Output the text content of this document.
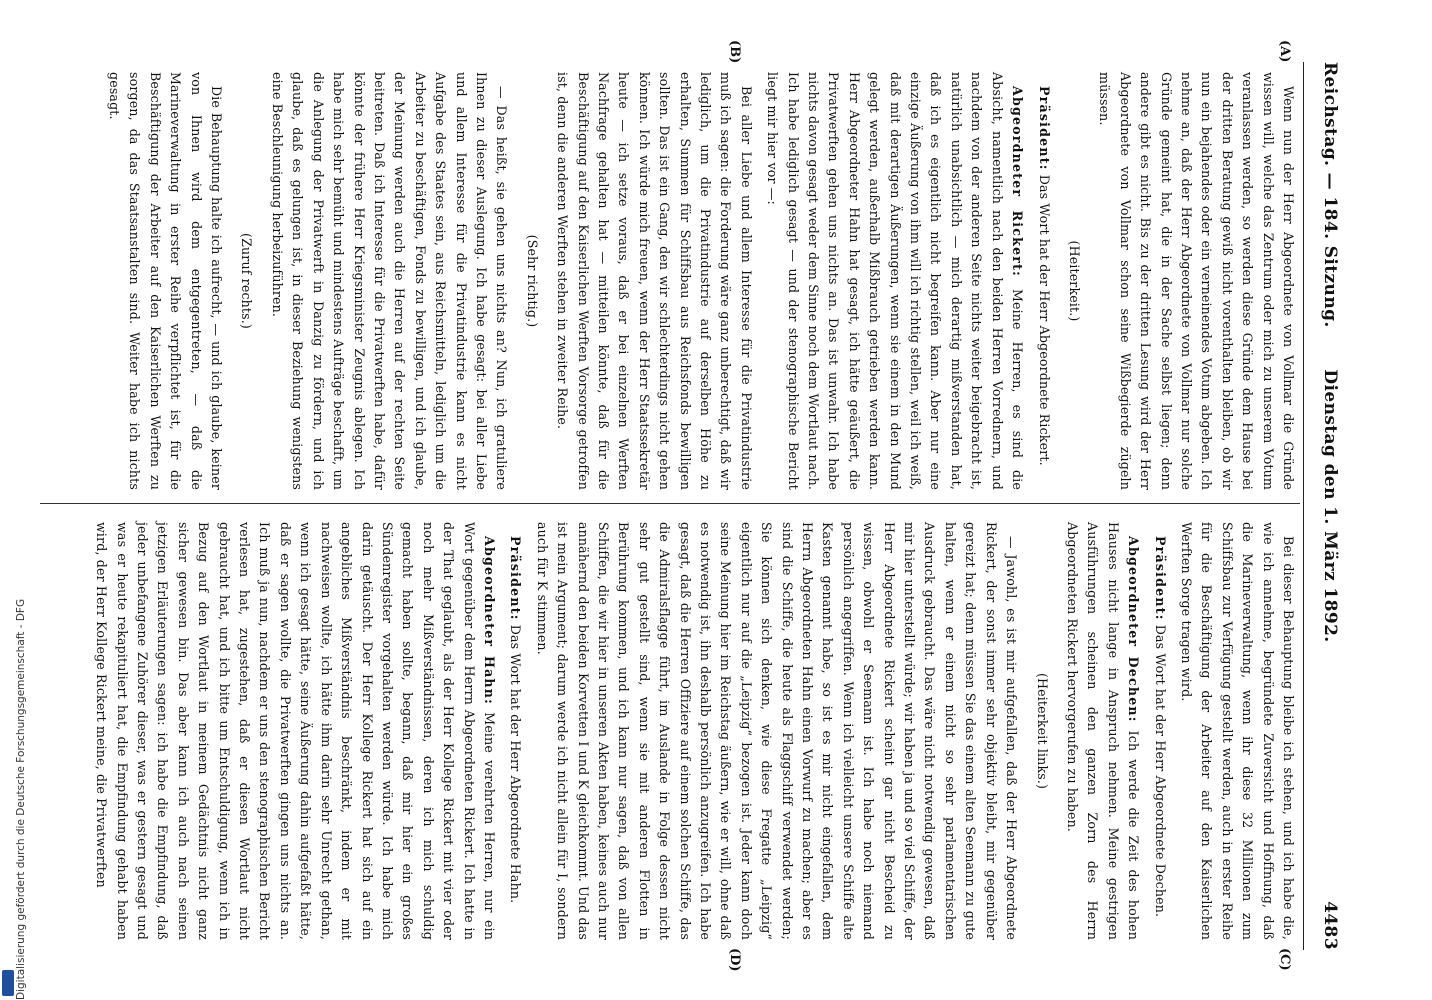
Reichstag. — 184. Sitzung.
Dienstag den 1. März 1892.
4483
(A)
(B)
(C)
(D)

Wenn nun der Herr Abgeordnete von Vollmar die Gründe wissen will, welche das Zentrum oder mich zu unserem Votum veranlassen werden, so werden diese Gründe dem Hause bei der dritten Beratung gewiß nicht vorenthalten bleiben, ob wir nun ein bejahendes oder ein verneinendes Votum abgeben. Ich nehme an, daß der Herr Abgeordnete von Vollmar nur solche Gründe gemeint hat, die in der Sache selbst liegen; denn andere gibt es nicht. Bis zu der dritten Lesung wird der Herr Abgeordnete von Vollmar schon seine Wißbegierde zügeln müssen.

(Heiterkeit.)

Präsident: Das Wort hat der Herr Abgeordnete Rickert.

Abgeordneter Rickert: Meine Herren, es sind die Absicht, namentlich nach den beiden Herren Vorrednern, und nachdem von der anderen Seite nichts weiter beigebracht ist, natürlich unabsichtlich — mich derartig mißverstanden hat, daß ich es eigentlich nicht begreifen kann. Aber nur eine einzige Äußerung von ihm will ich richtig stellen, weil ich weiß, daß mit derartigen Äußerungen, wenn sie einem in den Mund gelegt werden, außerhalb Mißbrauch getrieben werden kann. Herr Abgeordneter Hahn hat gesagt, ich hätte geäußert, die Privatwerften gehen uns nichts an. Das ist unwahr. Ich habe nichts davon gesagt weder dem Sinne noch dem Wortlaut nach. Ich habe lediglich gesagt — und der stenographische Bericht liegt mir hier vor —:

Bei aller Liebe und allem Interesse für die Privatindustrie muß ich sagen: die Forderung wäre ganz unberechtigt, daß wir lediglich, um die Privatindustrie auf derselben Höhe zu erhalten, Summen für Schiffsbau aus Reichsfonds bewilligen sollten. Das ist ein Gang, den wir schlechterdings nicht gehen können. Ich würde mich freuen, wenn der Herr Staatssekretär heute — ich setze voraus, daß er bei einzelnen Werften Nachfrage gehalten hat — mitteilen könnte, daß für die Beschäftigung auf den Kaiserlichen Werften Vorsorge getroffen ist, denn die anderen Werften stehen in zweiter Reihe.

(Sehr richtig.)

— Das heißt, sie gehen uns nichts an? Nun, ich gratuliere Ihnen zu dieser Auslegung. Ich habe gesagt: bei aller Liebe und allem Interesse für die Privatindustrie kann es nicht Aufgabe des Staates sein, aus Reichsmitteln, lediglich um die Arbeiter zu beschäftigen, Fonds zu bewilligen, und ich glaube, der Meinung werden auch die Herren auf der rechten Seite beitreten. Daß ich Interesse für die Privatwerften habe, dafür könnte der frühere Herr Kriegsminister Zeugnis ablegen. Ich habe mich sehr bemüht und mindestens Aufträge beschafft, um die Anlegung der Privatwerft in Danzig zu fördern, und ich glaube, daß es gelungen ist, in dieser Beziehung wenigstens eine Beschleunigung herbeizuführen.

(Zuruf rechts.)

Die Behauptung halte ich aufrecht, — und ich glaube, keiner von Ihnen wird dem entgegentreten, — daß die Marineverwaltung in erster Reihe verpflichtet ist, für die Beschäftigung der Arbeiter auf den Kaiserlichen Werften zu sorgen, da das Staatsanstalten sind. Weiter habe ich nichts gesagt.

Bei dieser Behauptung bleibe ich stehen, und ich habe die, wie ich annehme, begründete Zuversicht und Hoffnung, daß die Marineverwaltung, wenn ihr diese 32 Millionen zum Schiffsbau zur Verfügung gestellt werden, auch in erster Reihe für die Beschäftigung der Arbeiter auf den Kaiserlichen Werften Sorge tragen wird.

Präsident: Das Wort hat der Herr Abgeordnete Dechen.

Abgeordneter Dechen: Ich werde die Zeit des hohen Hauses nicht lange in Anspruch nehmen. Meine gestrigen Ausführungen scheinen den ganzen Zorn des Herrn Abgeordneten Rickert hervorgerufen zu haben.

(Heiterkeit links.)

— Jawohl, es ist mir aufgefallen, daß der Herr Abgeordnete Rickert, der sonst immer sehr objektiv bleibt, mir gegenüber gereizt hat; denn müssen Sie das einem alten Seemann zu gute halten, wenn er einem nicht so sehr parlamentarischen Ausdruck gebraucht. Das wäre nicht notwendig gewesen, daß mir hier unterstellt würde; wir haben ja und so viel Schiffe, der Herr Abgeordnete Rickert scheint gar nicht Bescheid zu wissen, obwohl er Seemann ist. Ich habe noch niemand persönlich angegriffen. Wenn ich vielleicht unsere Schiffe alte Kasten genannt habe, so ist es mir nicht eingefallen, dem Herrn Abgeordneten Hahn einen Vorwurf zu machen; aber es sind die Schiffe, die heute als Flaggschiff verwendet werden; Sie können sich denken, wie diese Fregatte „Leipzig“ eigentlich nur auf die „Leipzig“ bezogen ist. Jeder kann doch seine Meinung hier im Reichstag äußern, wie er will, ohne daß es notwendig ist, ihn deshalb persönlich anzugreifen. Ich habe gesagt, daß die Herren Offiziere auf einem solchen Schiffe, das die Admiralsflagge führt, im Auslande in Folge dessen nicht sehr gut gestellt sind, wenn sie mit anderen Flotten in Berührung kommen, und ich kann nur sagen, daß von allen Schiffen, die wir hier in unseren Akten haben, keines auch nur annähernd den beiden Korvetten I und K gleichkommt. Und das ist mein Argument; darum werde ich nicht allein für I, sondern auch für K stimmen.

Präsident: Das Wort hat der Herr Abgeordnete Hahn.

Abgeordneter Hahn: Meine verehrten Herren, nur ein Wort gegenüber dem Herrn Abgeordneten Rickert. Ich hatte in der That geglaubt, als der Herr Kollege Rickert mit vier oder noch mehr Mißverständnissen, deren ich mich schuldig gemacht haben sollte, begann, daß mir hier ein großes Sündenregister vorgehalten werden würde. Ich habe mich darin getäuscht. Der Herr Kollege Rickert hat sich auf ein angebliches Mißverständnis beschränkt, indem er mit nachweisen wollte, ich hätte ihm darin sehr Unrecht gethan, wenn ich gesagt hätte, seine Äußerung dahin aufgefaßt hätte, daß er sagen wollte, die Privatwerften gingen uns nichts an. Ich muß ja nun, nachdem er uns den stenographischen Bericht verlesen hat, zugestehen, daß er diesen Wortlaut nicht gebraucht hat, und ich bitte um Entschuldigung, wenn ich in Bezug auf den Wortlaut in meinem Gedächtnis nicht ganz sicher gewesen bin. Das aber kann ich auch nach seinen jetzigen Erläuterungen sagen: ich habe die Empfindung, daß jeder unbefangene Zuhörer dieser, was er gestern gesagt und was er heute rekapituliert hat, die Empfindung gehabt haben wird, der Herr Kollege Rickert meine, die Privatwerften

Digitalisierung gefördert durch die Deutsche Forschungsgemeinschaft - DFG
